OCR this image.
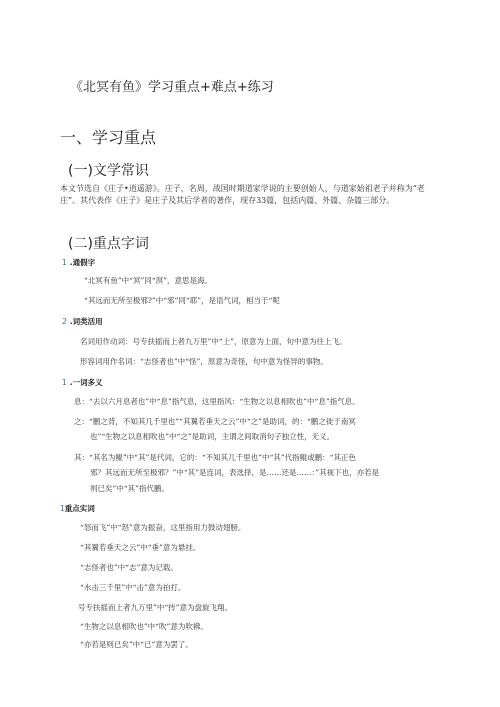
《北冥有鱼》学习重点+难点+练习
一、学习重点
(一)文学常识
本文节选自《庄子•逍遥游》。庄子，名周，战国时期道家学说的主要创始人，与道家始祖老子并称为“老庄”。其代表作《庄子》是庄子及其后学者的著作，现存33篇，包括内篇、外篇、杂篇三部分。
(二)重点字词
1 .通假字
“北冥有鱼”中“冥”同“溟”，意思是海。
“其远而无所至极邪?”中“邪”同“耶”，是语气词，相当于“呢
2 .词类活用
名词用作动词：号专扶摇而上者九万里”中“上”，原意为上面，句中意为往上飞。
形容词用作名词：“志怪者也”中“怪”，原意为奇怪，句中意为怪异的事物。
1 .一词多义
息：“去以六月息者也”中“息”指气息，这里指风：“生物之以息相吹也”中“息”指气息。
之：“鹏之背，不知其几千里也”“其翼若垂天之云”中“之”是助词，的：“鹏之徙于南冥
也”“生物之以息相吹也”中“之”是助词，主谓之间取消句子独立性，无义。
其：“其名为鲲”中“其”是代词，它的：“不知其几千里也”中“其”代指鲲或鹏：“其正色
邪？其远而无所至极邪？”中“其”是连词，表选择，是……还是……：”其视下也，亦若是
则已矣”中“其”指代鹏。
1重点实词
“怒而飞”中“怒”意为振奋，这里指用力鼓动翅膀。
“其翼若垂天之云”中“垂”意为悬挂。
“志怪者也”中“志”意为记载。
“水击三千里”中“击”意为拍打。
号专扶摇而上者九万里”中“抟”意为盘旋飞翔。
“生物之以息相吹也”中“吹”意为吹拂。
“亦若是则已矣”中“已”意为罢了。
